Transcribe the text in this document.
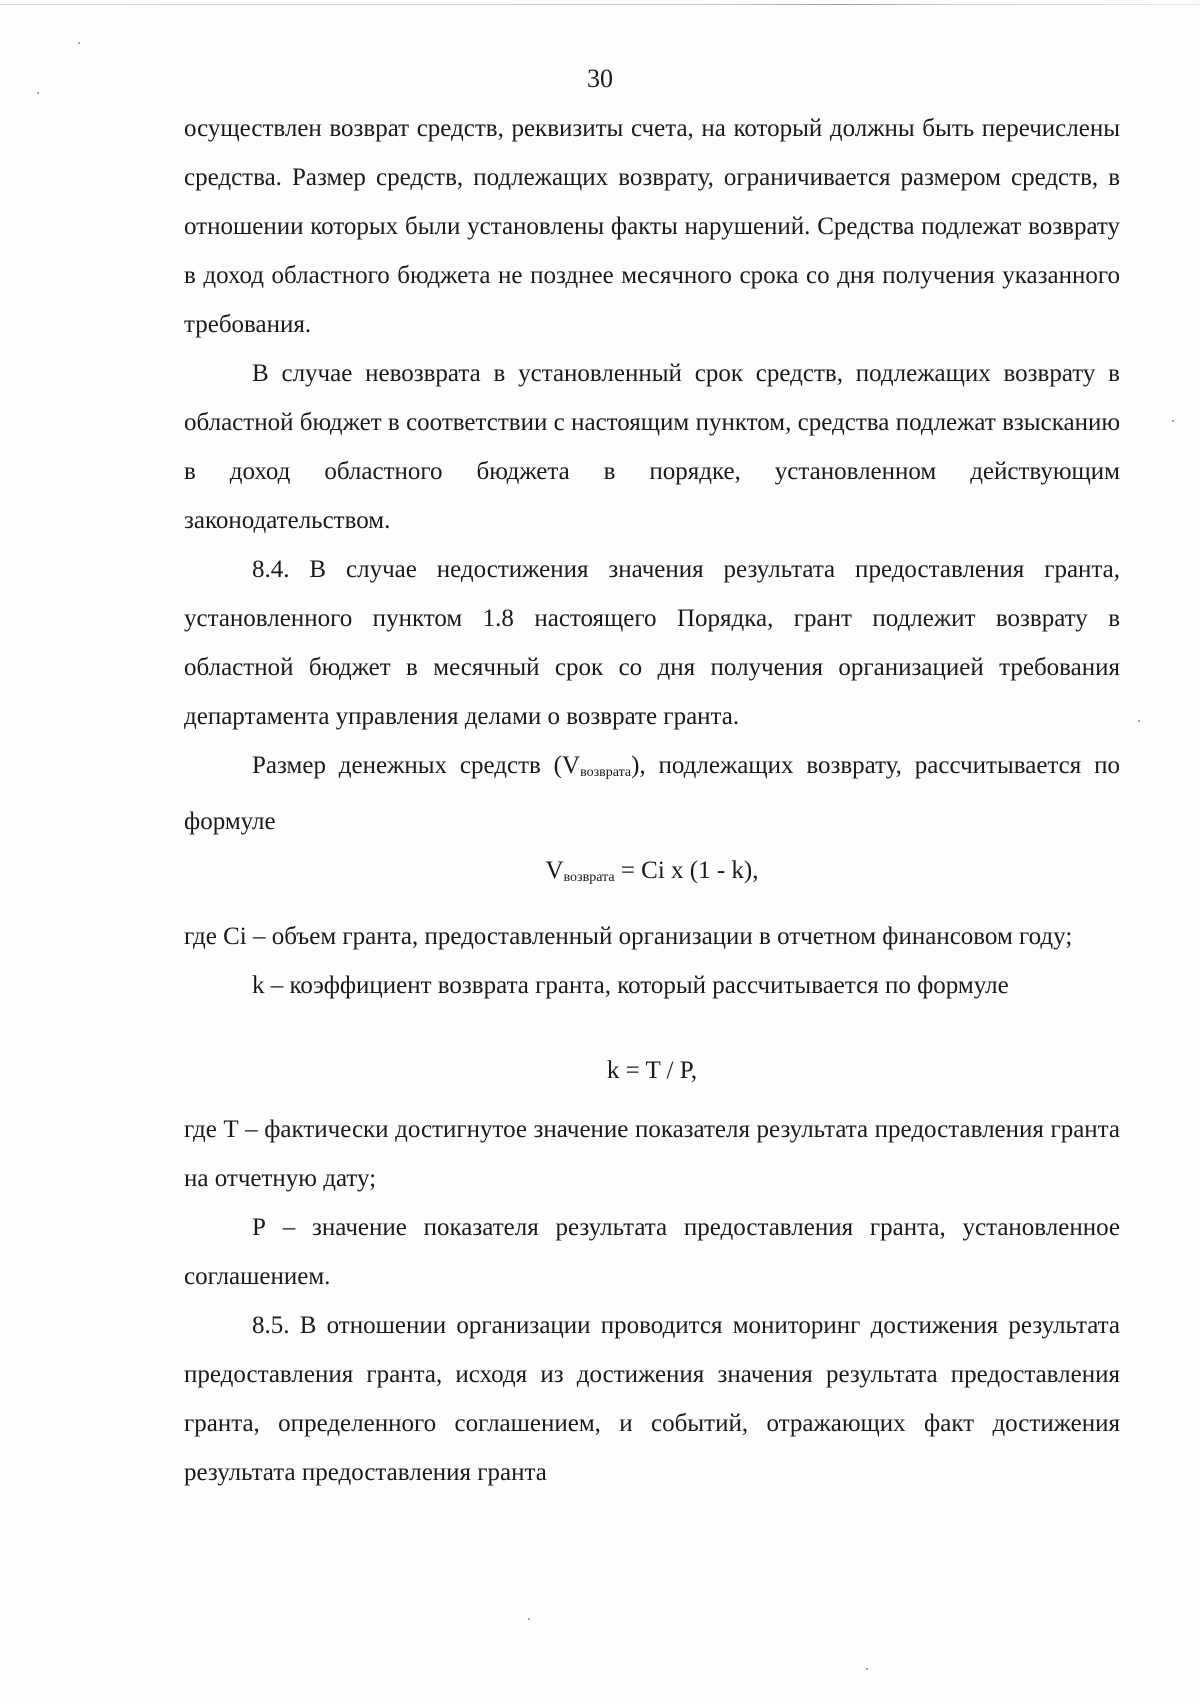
30

осуществлен возврат средств, реквизиты счета, на который должны быть перечислены средства. Размер средств, подлежащих возврату, ограничивается размером средств, в отношении которых были установлены факты нарушений. Средства подлежат возврату в доход областного бюджета не позднее месячного срока со дня получения указанного требования.

В случае невозврата в установленный срок средств, подлежащих возврату в областной бюджет в соответствии с настоящим пунктом, средства подлежат взысканию в доход областного бюджета в порядке, установленном действующим законодательством.

8.4. В случае недостижения значения результата предоставления гранта, установленного пунктом 1.8 настоящего Порядка, грант подлежит возврату в областной бюджет в месячный срок со дня получения организацией требования департамента управления делами о возврате гранта.

Размер денежных средств $(V_{возврата})$, подлежащих возврату, рассчитывается по формуле

$V_{возврата} = Ci$ x (1 - k),

где Ci – объем гранта, предоставленный организации в отчетном финансовом году;

k – коэффициент возврата гранта, который рассчитывается по формуле

k = T / P,

где Т – фактически достигнутое значение показателя результата предоставления гранта на отчетную дату;

Р – значение показателя результата предоставления гранта, установленное соглашением.

8.5. В отношении организации проводится мониторинг достижения результата предоставления гранта, исходя из достижения значения результата предоставления гранта, определенного соглашением, и событий, отражающих факт достижения результата предоставления гранта
